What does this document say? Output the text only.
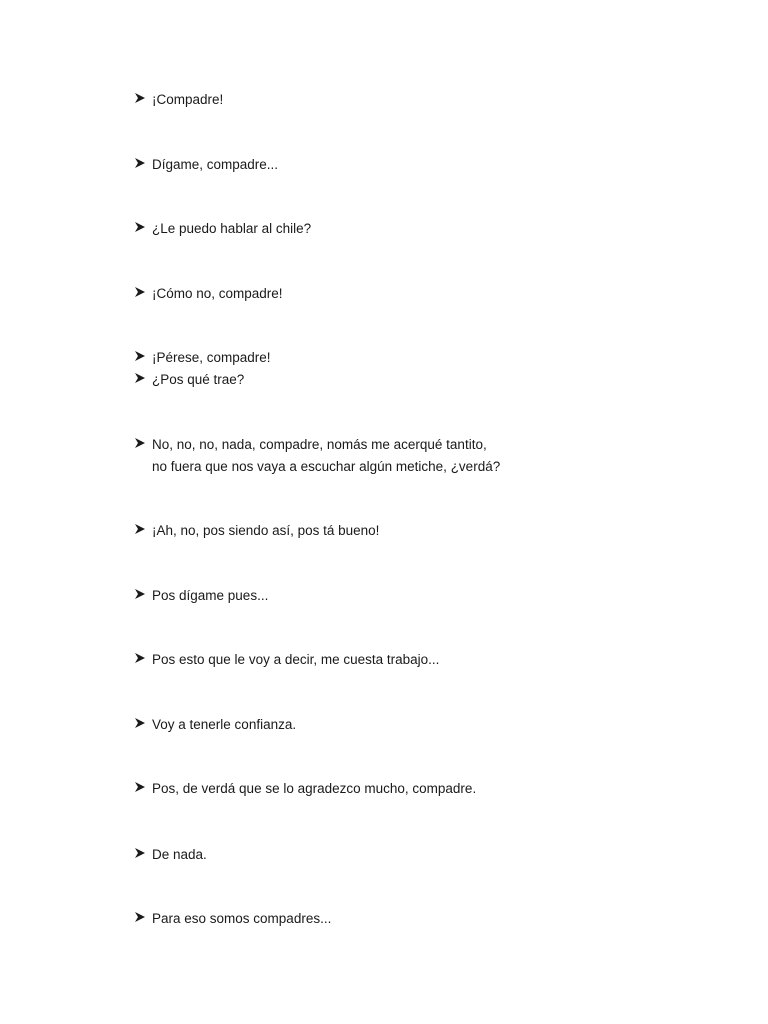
¡Compadre!
Dígame, compadre...
¿Le puedo hablar al chile?
¡Cómo no, compadre!
¡Pérese, compadre!
¿Pos qué trae?
No, no, no, nada, compadre, nomás me acerqué tantito,
no fuera que nos vaya a escuchar algún metiche, ¿verdá?
¡Ah, no, pos siendo así, pos tá bueno!
Pos dígame pues...
Pos esto que le voy a decir, me cuesta trabajo...
Voy a tenerle confianza.
Pos, de verdá que se lo agradezco mucho, compadre.
De nada.
Para eso somos compadres...
